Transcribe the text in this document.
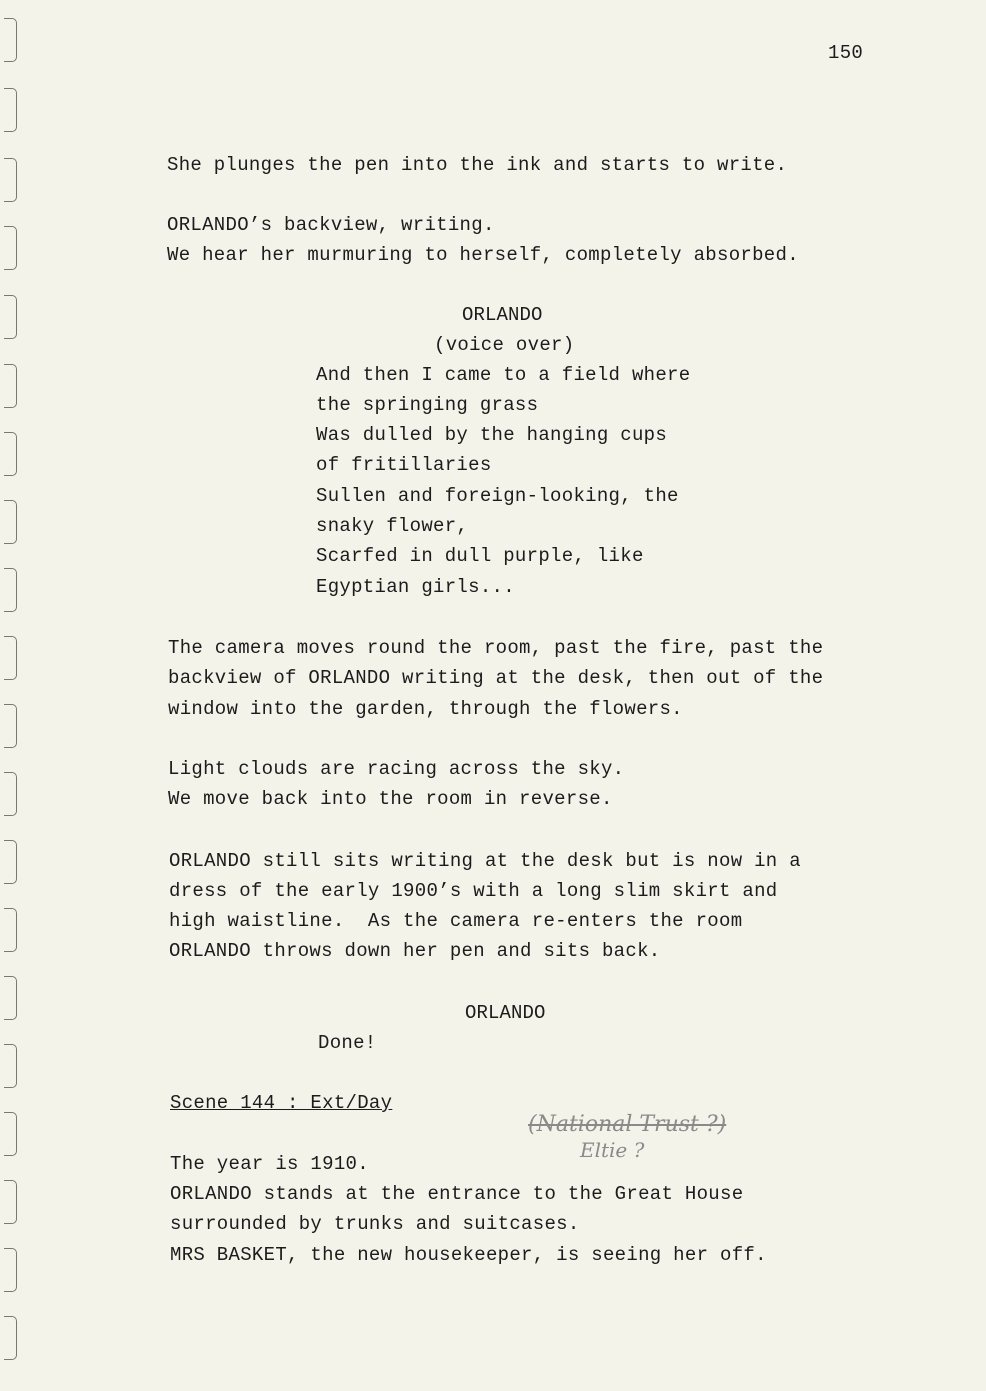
150
She plunges the pen into the ink and starts to write.
ORLANDO’s backview, writing.
We hear her murmuring to herself, completely absorbed.
ORLANDO
(voice over)
And then I came to a field where
the springing grass
Was dulled by the hanging cups
of fritillaries
Sullen and foreign-looking, the
snaky flower,
Scarfed in dull purple, like
Egyptian girls...
The camera moves round the room, past the fire, past the
backview of ORLANDO writing at the desk, then out of the
window into the garden, through the flowers.
Light clouds are racing across the sky.
We move back into the room in reverse.
ORLANDO still sits writing at the desk but is now in a
dress of the early 1900’s with a long slim skirt and
high waistline.  As the camera re-enters the room
ORLANDO throws down her pen and sits back.
ORLANDO
Done!
Scene 144 : Ext/Day
(National Trust ?)
Eltie ?
The year is 1910.
ORLANDO stands at the entrance to the Great House
surrounded by trunks and suitcases.
MRS BASKET, the new housekeeper, is seeing her off.
